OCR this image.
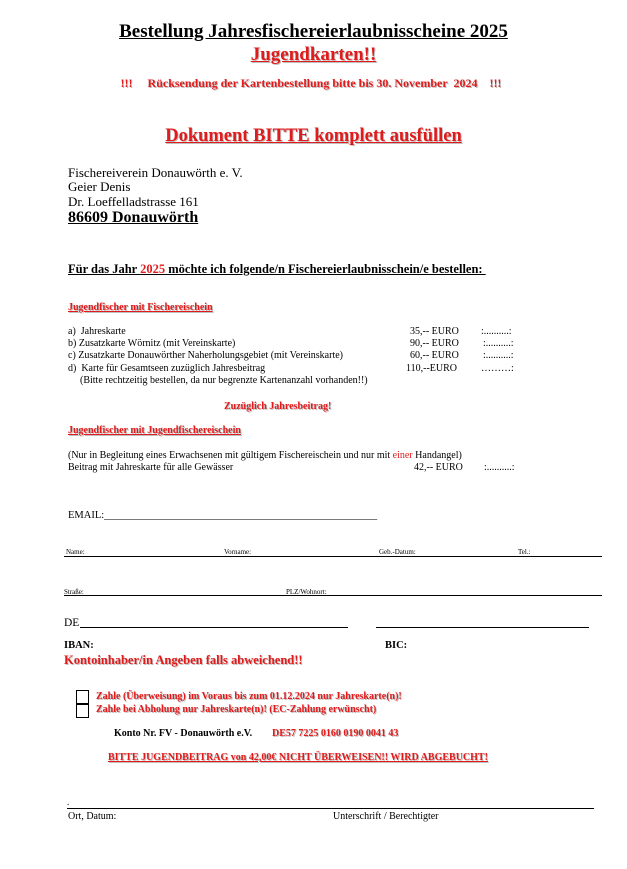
Bestellung Jahresfischereierlaubnisscheine 2025
Jugendkarten!!
!!!     Rücksendung der Kartenbestellung bitte bis 30. November  2024    !!!
Dokument BITTE komplett ausfüllen
Fischereiverein Donauwörth e. V.
Geier Denis
Dr. Loeffelladstrasse 161
86609 Donauwörth
Für das Jahr 2025 möchte ich folgende/n Fischereierlaubnisschein/e bestellen:
Jugendfischer mit Fischereischein
a)  Jahreskarte	35,-- EURO :..........:
b) Zusatzkarte Wörnitz (mit Vereinskarte)	90,-- EURO :..........:
c) Zusatzkarte Donauwörther Naherholungsgebiet (mit Vereinskarte)	60,-- EURO :..........:
d)  Karte für Gesamtseen zuzüglich Jahresbeitrag	110,--EURO ………:
(Bitte rechtzeitig bestellen, da nur begrenzte Kartenanzahl vorhanden!!)
Zuzüglich Jahresbeitrag!
Jugendfischer mit Jugendfischereischein
(Nur in Begleitung eines Erwachsenen mit gültigem Fischereischein und nur mit einer Handangel)
Beitrag mit Jahreskarte für alle Gewässer	42,-- EURO :..........:
EMAIL:____________________________________________________
Name:	Vorname:	Geb.-Datum:	Tel.:
Straße:	PLZ/Wohnort:
DE
IBAN:	BIC:
Kontoinhaber/in Angeben falls abweichend!!
Zahle (Überweisung) im Voraus bis zum 01.12.2024 nur Jahreskarte(n)!
Zahle bei Abholung nur Jahreskarte(n)! (EC-Zahlung erwünscht)
Konto Nr. FV - Donauwörth e.V. DE57 7225 0160 0190 0041 43
BITTE JUGENDBEITRAG von 42,00€ NICHT ÜBERWEISEN!! WIRD ABGEBUCHT!
.
Ort, Datum:	Unterschrift / Berechtigter
